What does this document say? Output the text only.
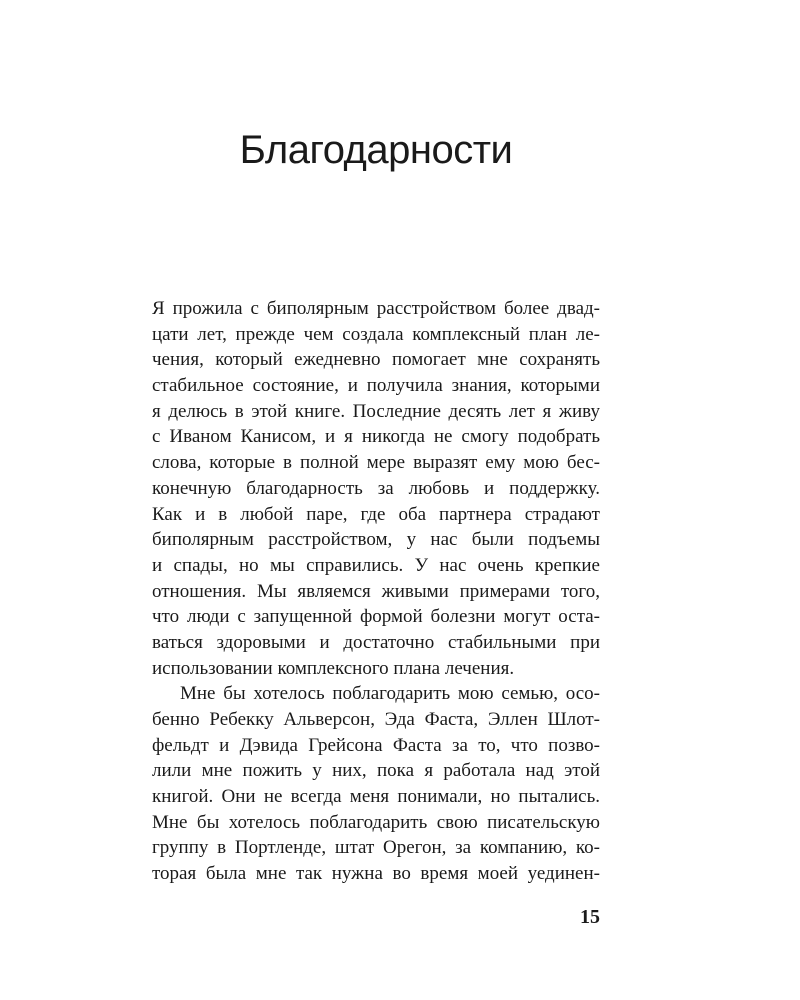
Благодарности
Я прожила с биполярным расстройством более двад-
цати лет, прежде чем создала комплексный план ле-
чения, который ежедневно помогает мне сохранять
стабильное состояние, и получила знания, которыми
я делюсь в этой книге. Последние десять лет я живу
с Иваном Канисом, и я никогда не смогу подобрать
слова, которые в полной мере выразят ему мою бес-
конечную благодарность за любовь и поддержку.
Как и в любой паре, где оба партнера страдают
биполярным расстройством, у нас были подъемы
и спады, но мы справились. У нас очень крепкие
отношения. Мы являемся живыми примерами того,
что люди с запущенной формой болезни могут оста-
ваться здоровыми и достаточно стабильными при
использовании комплексного плана лечения.
Мне бы хотелось поблагодарить мою семью, осо-
бенно Ребекку Альверсон, Эда Фаста, Эллен Шлот-
фельдт и Дэвида Грейсона Фаста за то, что позво-
лили мне пожить у них, пока я работала над этой
книгой. Они не всегда меня понимали, но пытались.
Мне бы хотелось поблагодарить свою писательскую
группу в Портленде, штат Орегон, за компанию, ко-
торая была мне так нужна во время моей уединен-
15
